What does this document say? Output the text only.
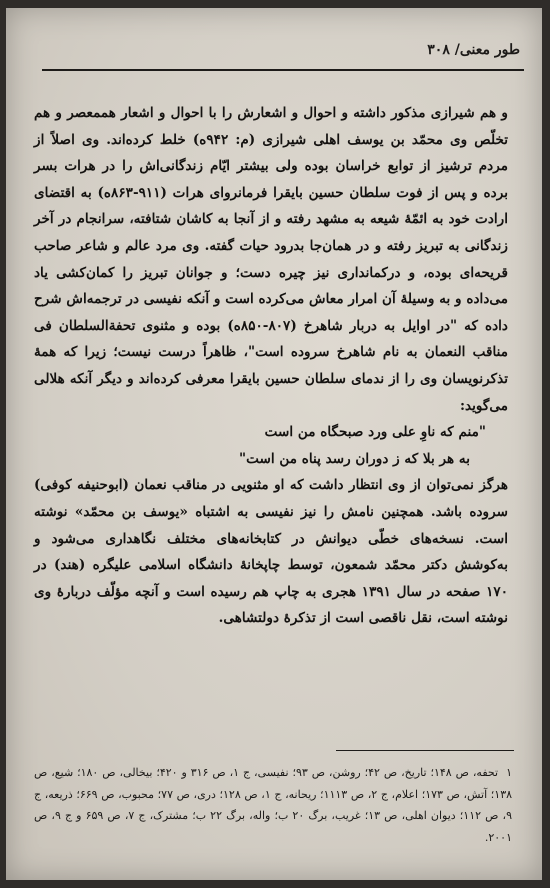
طور معنی/ ۳۰۸

و هم شیرازی مذکور داشته و احوال و اشعارش را با احوال و اشعار هممعصر و هم تخلّص وی محمّد بن یوسف اهلی شیرازی (م: ۹۴۲ه) خلط کرده‌اند. وی اصلاً از مردم ترشیز از توابع خراسان بوده ولی بیشتر ایّام زندگانی‌اش را در هرات بسر برده و پس از فوت سلطان حسین بایقرا فرمانروای هرات (۹۱۱-۸۶۳ه) به اقتضای ارادت خود به ائمّهٔ شیعه به مشهد رفته و از آنجا به کاشان شتافته، سرانجام در آخر زندگانی به تبریز رفته و در همان‌جا بدرود حیات گفته. وی مرد عالم و شاعر صاحب قریحه‌ای بوده، و درکمانداری نیز چیره دست؛ و جوانان تبریز را کمان‌کشی یاد می‌داده و به وسیلهٔ آن امرار معاش می‌کرده است و آنکه نفیسی در ترجمه‌اش شرح داده که "در اوایل به دربار شاهرخ (۸۰۷-۸۵۰ه) بوده و مثنوی تحفةالسلطان فی مناقب النعمان به نام شاهرخ سروده است"، ظاهراً درست نیست؛ زیرا که همهٔ تذکرنویسان وی را از ندمای سلطان حسین بایقرا معرفی کرده‌اند و دیگر آنکه هلالی می‌گوید:

"منم که ناوِ علی ورد صبحگاه من است

به هر بلا که ز دوران رسد پناه من است"

هرگز نمی‌توان از وی انتظار داشت که او مثنویی در مناقب نعمان (ابوحنیفه کوفی) سروده باشد. همچنین نامش را نیز نفیسی به اشتباه «یوسف بن محمّد» نوشته است. نسخه‌های خطّی دیوانش در کتابخانه‌های مختلف نگاهداری می‌شود و به‌کوشش دکتر محمّد شمعون، توسط چاپخانهٔ دانشگاه اسلامی علیگره (هند) در ۱۷۰ صفحه در سال ۱۳۹۱ هجری به چاپ هم رسیده است و آنچه مؤلّف دربارهٔ وی نوشته است، نقل ناقصی است از تذکرهٔ دولتشاهی.

۱
تحفه، ص ۱۴۸؛ تاریخ، ص ۴۲؛ روشن، ص ۹۳؛ نفیسی، ج ۱، ص ۳۱۶ و ۴۲۰؛ بیخالی، ص ۱۸۰؛ شیع، ص ۱۳۸؛ آتش، ص ۱۷۳؛ اعلام، ج ۲، ص ۱۱۱۳؛ ریحانه، ج ۱، ص ۱۲۸؛ دری، ص ۷۷؛ محبوب، ص ۶۶۹؛ ذریعه، ج ۹، ص ۱۱۲؛ دیوان اهلی، ص ۱۳؛ غریب، برگ ۲۰ ب؛ واله، برگ ۲۲ ب؛ مشترک، ج ۷، ص ۶۵۹ و ج ۹، ص ۲۰۰۱.
